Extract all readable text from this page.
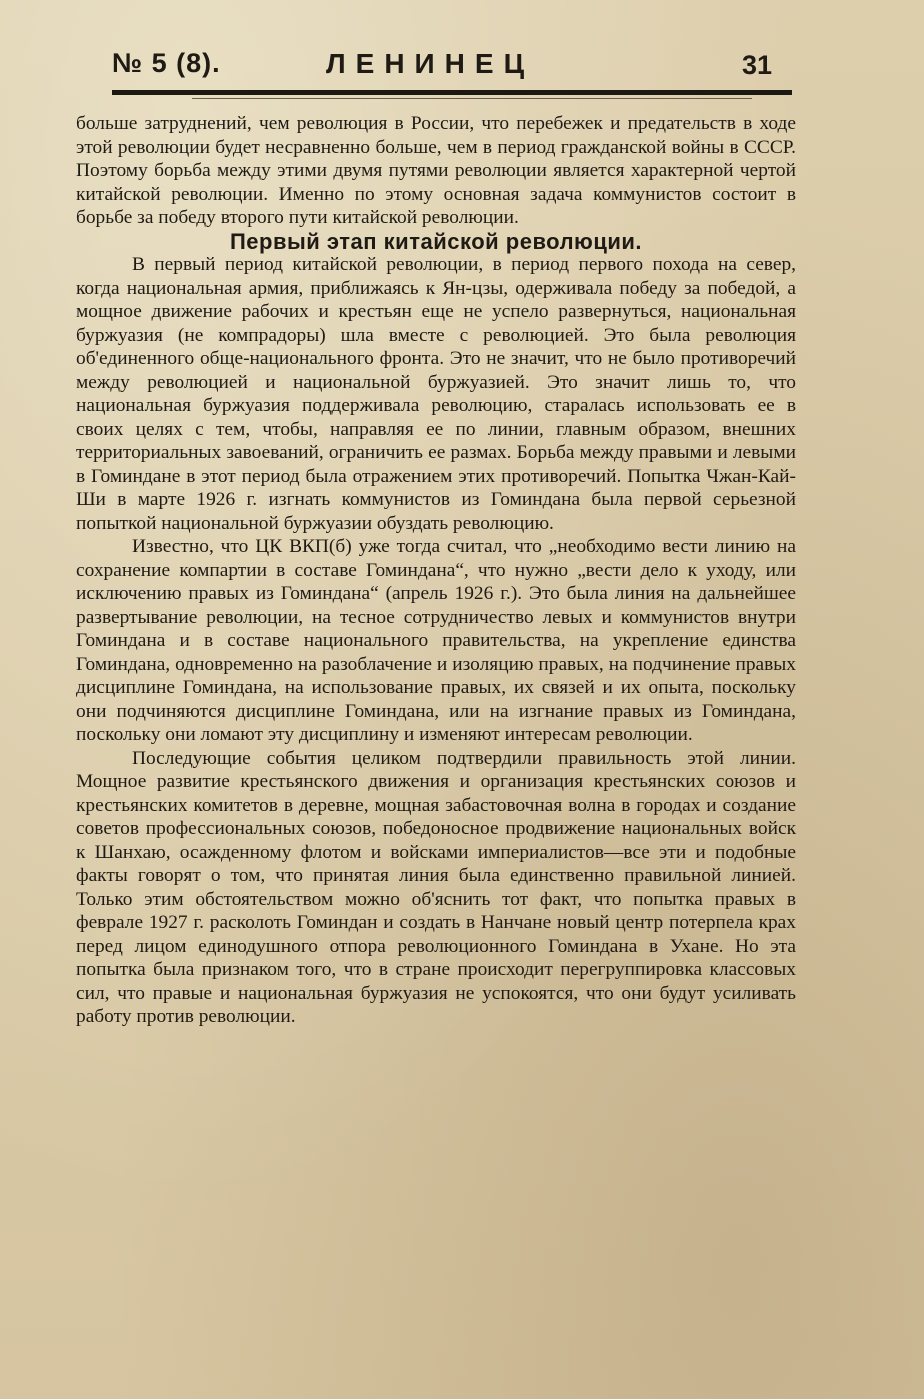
№ 5 (8).	ЛЕНИНЕЦ	31

больше затруднений, чем революция в России, что перебежек и предательств в ходе этой революции будет несравненно больше, чем в период гражданской войны в СССР. Поэтому борьба между этими двумя путями революции является характерной чертой китайской революции. Именно по этому основная задача коммунистов состоит в борьбе за победу второго пути китайской революции.

Первый этап китайской революции.

В первый период китайской революции, в период первого похода на север, когда национальная армия, приближаясь к Ян-цзы, одерживала победу за победой, а мощное движение рабочих и крестьян еще не успело развернуться, национальная буржуазия (не компрадоры) шла вместе с революцией. Это была революция об'единенного обще-национального фронта. Это не значит, что не было противоречий между революцией и национальной буржуазией. Это значит лишь то, что национальная буржуазия поддерживала революцию, старалась использовать ее в своих целях с тем, чтобы, направляя ее по линии, главным образом, внешних территориальных завоеваний, ограничить ее размах. Борьба между правыми и левыми в Гоминдане в этот период была отражением этих противоречий. Попытка Чжан-Кай-Ши в марте 1926 г. изгнать коммунистов из Гоминдана была первой серьезной попыткой национальной буржуазии обуздать революцию.

Известно, что ЦК ВКП(б) уже тогда считал, что „необходимо вести линию на сохранение компартии в составе Гоминдана“, что нужно „вести дело к уходу, или исключению правых из Гоминдана“ (апрель 1926 г.). Это была линия на дальнейшее развертывание революции, на тесное сотрудничество левых и коммунистов внутри Гоминдана и в составе национального правительства, на укрепление единства Гоминдана, одновременно на разоблачение и изоляцию правых, на подчинение правых дисциплине Гоминдана, на использование правых, их связей и их опыта, поскольку они подчиняются дисциплине Гоминдана, или на изгнание правых из Гоминдана, поскольку они ломают эту дисциплину и изменяют интересам революции.

Последующие события целиком подтвердили правильность этой линии. Мощное развитие крестьянского движения и организация крестьянских союзов и крестьянских комитетов в деревне, мощная забастовочная волна в городах и создание советов профессиональных союзов, победоносное продвижение национальных войск к Шанхаю, осажденному флотом и войсками империалистов—все эти и подобные факты говорят о том, что принятая линия была единственно правильной линией. Только этим обстоятельством можно об'яснить тот факт, что попытка правых в феврале 1927 г. расколоть Гоминдан и создать в Нанчане новый центр потерпела крах перед лицом единодушного отпора революционного Гоминдана в Ухане. Но эта попытка была признаком того, что в стране происходит перегруппировка классовых сил, что правые и национальная буржуазия не успокоятся, что они будут усиливать работу против революции.
